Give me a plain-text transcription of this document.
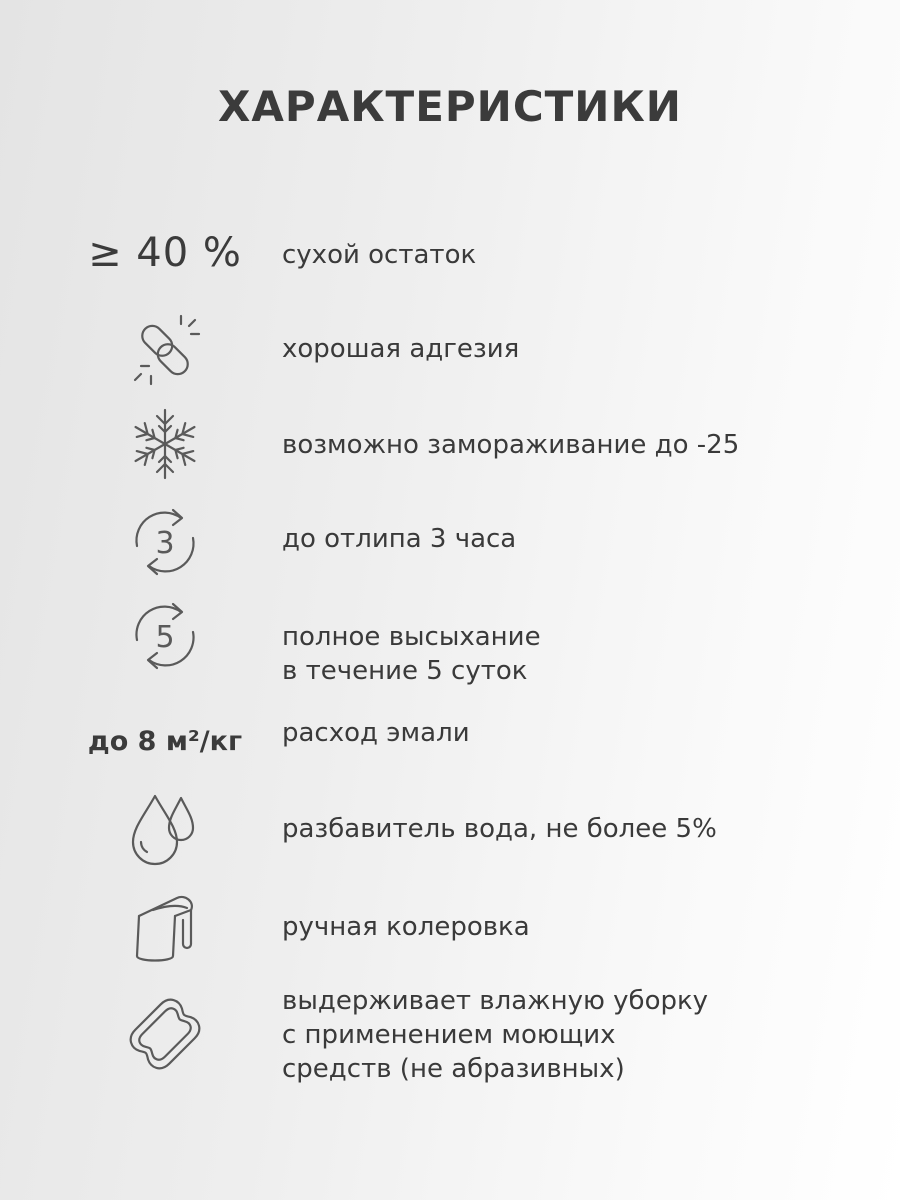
ХАРАКТЕРИСТИКИ
≥ 40 %	сухой остаток
хорошая адгезия
возможно замораживание до -25
3	до отлипа 3 часа
5	полное высыхание
в течение 5 суток
до 8 м²/кг	расход эмали
разбавитель вода, не более 5%
ручная колеровка
выдерживает влажную уборку
с применением моющих
средств (не абразивных)
